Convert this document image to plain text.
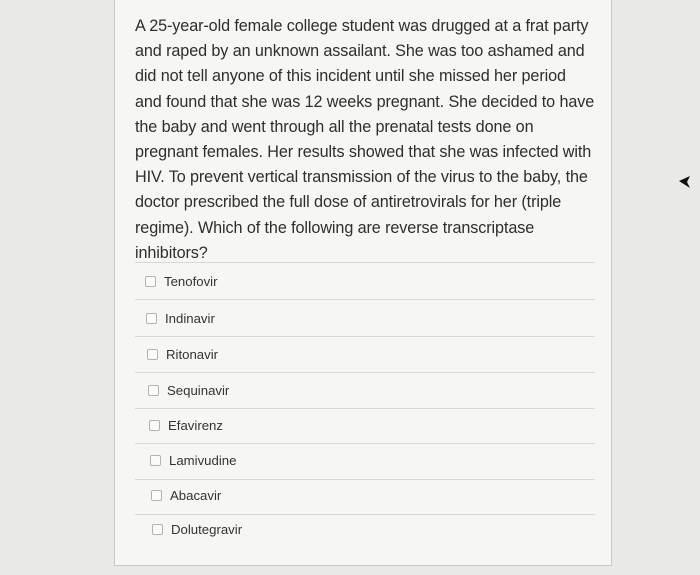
A 25-year-old female college student was drugged at a frat party and raped by an unknown assailant. She was too ashamed and did not tell anyone of this incident until she missed her period and found that she was 12 weeks pregnant. She decided to have the baby and went through all the prenatal tests done on pregnant females. Her results showed that she was infected with HIV. To prevent vertical transmission of the virus to the baby, the doctor prescribed the full dose of antiretrovirals for her (triple regime). Which of the following are reverse transcriptase inhibitors?

Tenofovir
Indinavir
Ritonavir
Sequinavir
Efavirenz
Lamivudine
Abacavir
Dolutegravir
